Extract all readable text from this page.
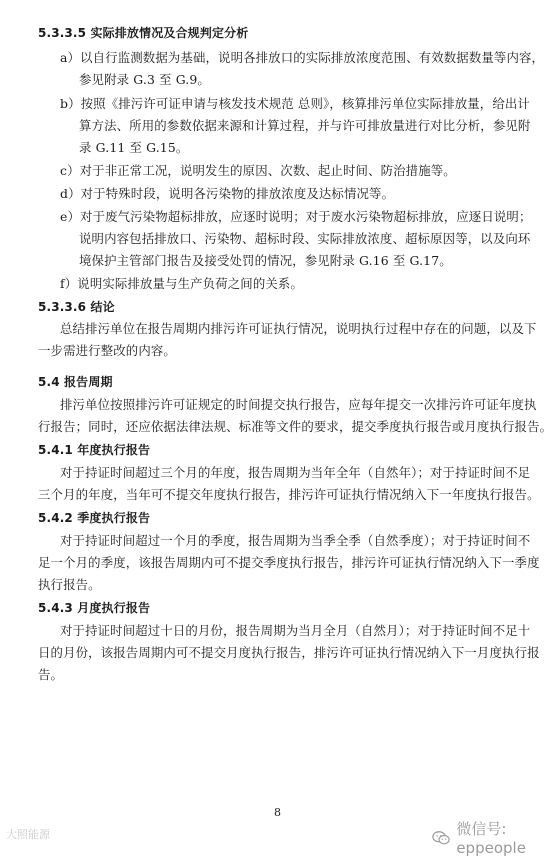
5.3.3.5 实际排放情况及合规判定分析
a）以自行监测数据为基础，说明各排放口的实际排放浓度范围、有效数据数量等内容，
参见附录 G.3 至 G.9。
b）按照《排污许可证申请与核发技术规范 总则》，核算排污单位实际排放量，给出计
算方法、所用的参数依据来源和计算过程，并与许可排放量进行对比分析，参见附
录 G.11 至 G.15。
c）对于非正常工况，说明发生的原因、次数、起止时间、防治措施等。
d）对于特殊时段，说明各污染物的排放浓度及达标情况等。
e）对于废气污染物超标排放，应逐时说明；对于废水污染物超标排放，应逐日说明；
说明内容包括排放口、污染物、超标时段、实际排放浓度、超标原因等，以及向环
境保护主管部门报告及接受处罚的情况，参见附录 G.16 至 G.17。
f）说明实际排放量与生产负荷之间的关系。
5.3.3.6 结论
总结排污单位在报告周期内排污许可证执行情况，说明执行过程中存在的问题，以及下
一步需进行整改的内容。
5.4 报告周期
排污单位按照排污许可证规定的时间提交执行报告，应每年提交一次排污许可证年度执
行报告；同时，还应依据法律法规、标准等文件的要求，提交季度执行报告或月度执行报告。
5.4.1 年度执行报告
对于持证时间超过三个月的年度，报告周期为当年全年（自然年）；对于持证时间不足
三个月的年度，当年可不提交年度执行报告，排污许可证执行情况纳入下一年度执行报告。
5.4.2 季度执行报告
对于持证时间超过一个月的季度，报告周期为当季全季（自然季度）；对于持证时间不
足一个月的季度，该报告周期内可不提交季度执行报告，排污许可证执行情况纳入下一季度
执行报告。
5.4.3 月度执行报告
对于持证时间超过十日的月份，报告周期为当月全月（自然月）；对于持证时间不足十
日的月份，该报告周期内可不提交月度执行报告，排污许可证执行情况纳入下一月度执行报
告。
8
大照能源	微信号: eppeople
